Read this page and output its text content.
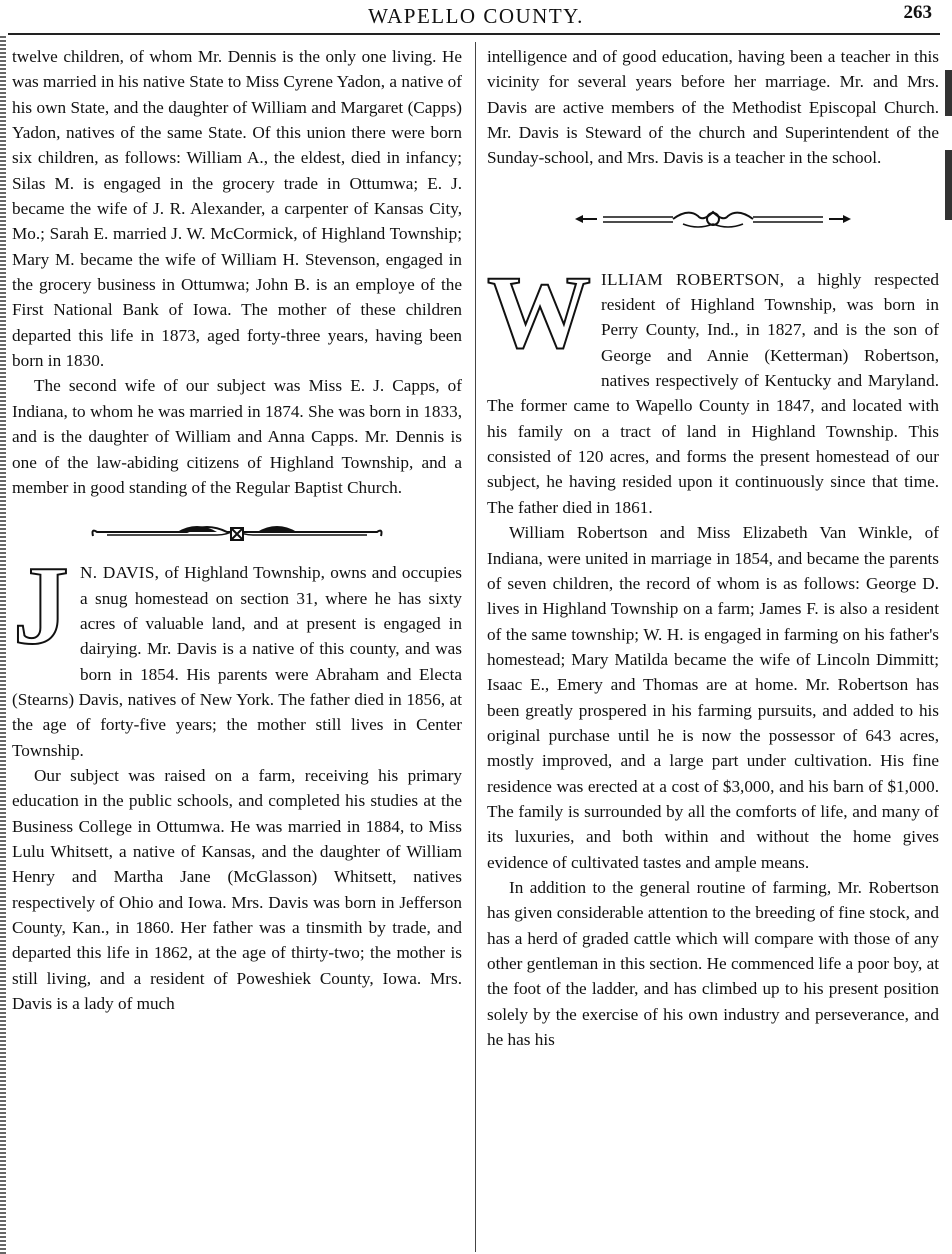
WAPELLO COUNTY.	263

twelve children, of whom Mr. Dennis is the only one living. He was married in his native State to Miss Cyrene Yadon, a native of his own State, and the daughter of William and Margaret (Capps) Yadon, natives of the same State. Of this union there were born six children, as follows: William A., the eldest, died in infancy; Silas M. is engaged in the grocery trade in Ottumwa; E. J. became the wife of J. R. Alexander, a carpenter of Kansas City, Mo.; Sarah E. married J. W. McCormick, of Highland Township; Mary M. became the wife of William H. Stevenson, engaged in the grocery business in Ottumwa; John B. is an employe of the First National Bank of Iowa. The mother of these children departed this life in 1873, aged forty-three years, having been born in 1830.

The second wife of our subject was Miss E. J. Capps, of Indiana, to whom he was married in 1874. She was born in 1833, and is the daughter of William and Anna Capps. Mr. Dennis is one of the law-abiding citizens of Highland Township, and a member in good standing of the Regular Baptist Church.

J N. DAVIS, of Highland Township, owns and occupies a snug homestead on section 31, where he has sixty acres of valuable land, and at present is engaged in dairying. Mr. Davis is a native of this county, and was born in 1854. His parents were Abraham and Electa (Stearns) Davis, natives of New York. The father died in 1856, at the age of forty-five years; the mother still lives in Center Township.

Our subject was raised on a farm, receiving his primary education in the public schools, and completed his studies at the Business College in Ottumwa. He was married in 1884, to Miss Lulu Whitsett, a native of Kansas, and the daughter of William Henry and Martha Jane (McGlasson) Whitsett, natives respectively of Ohio and Iowa. Mrs. Davis was born in Jefferson County, Kan., in 1860. Her father was a tinsmith by trade, and departed this life in 1862, at the age of thirty-two; the mother is still living, and a resident of Poweshiek County, Iowa. Mrs. Davis is a lady of much

intelligence and of good education, having been a teacher in this vicinity for several years before her marriage. Mr. and Mrs. Davis are active members of the Methodist Episcopal Church. Mr. Davis is Steward of the church and Superintendent of the Sunday-school, and Mrs. Davis is a teacher in the school.

WILLIAM ROBERTSON, a highly respected resident of Highland Township, was born in Perry County, Ind., in 1827, and is the son of George and Annie (Ketterman) Robertson, natives respectively of Kentucky and Maryland. The former came to Wapello County in 1847, and located with his family on a tract of land in Highland Township. This consisted of 120 acres, and forms the present homestead of our subject, he having resided upon it continuously since that time. The father died in 1861.

William Robertson and Miss Elizabeth Van Winkle, of Indiana, were united in marriage in 1854, and became the parents of seven children, the record of whom is as follows: George D. lives in Highland Township on a farm; James F. is also a resident of the same township; W. H. is engaged in farming on his father's homestead; Mary Matilda became the wife of Lincoln Dimmitt; Isaac E., Emery and Thomas are at home. Mr. Robertson has been greatly prospered in his farming pursuits, and added to his original purchase until he is now the possessor of 643 acres, mostly improved, and a large part under cultivation. His fine residence was erected at a cost of $3,000, and his barn of $1,000. The family is surrounded by all the comforts of life, and many of its luxuries, and both within and without the home gives evidence of cultivated tastes and ample means.

In addition to the general routine of farming, Mr. Robertson has given considerable attention to the breeding of fine stock, and has a herd of graded cattle which will compare with those of any other gentleman in this section. He commenced life a poor boy, at the foot of the ladder, and has climbed up to his present position solely by the exercise of his own industry and perseverance, and he has his
